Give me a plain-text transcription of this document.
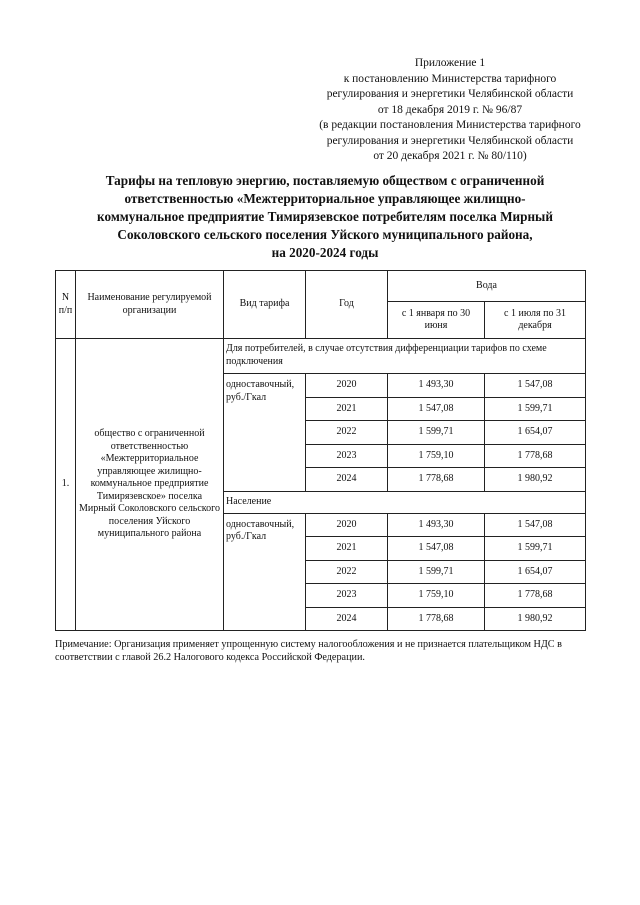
Приложение 1
к постановлению Министерства тарифного
регулирования и энергетики Челябинской области
от 18 декабря 2019 г. № 96/87
(в редакции постановления Министерства тарифного
регулирования и энергетики Челябинской области
от 20 декабря 2021 г. № 80/110)
Тарифы на тепловую энергию, поставляемую обществом с ограниченной
ответственностью «Межтерриториальное управляющее жилищно-
коммунальное предприятие Тимирязевское потребителям поселка Мирный
Соколовского сельского поселения Уйского муниципального района,
на 2020-2024 годы
N п/п	Наименование регулируемой организации	Вид тарифа	Год	Вода	
				с 1 января по 30 июня	с 1 июля по 31 декабря
1.	общество с ограниченной ответственностью «Межтерриториальное управляющее жилищно-коммунальное предприятие Тимирязевское» поселка Мирный Соколовского сельского поселения Уйского муниципального района	Для потребителей, в случае отсутствия дифференциации тарифов по схеме подключения			
		одноставочный, руб./Гкал	2020	1 493,30	1 547,08
			2021	1 547,08	1 599,71
			2022	1 599,71	1 654,07
			2023	1 759,10	1 778,68
			2024	1 778,68	1 980,92
		Население			
		одноставочный, руб./Гкал	2020	1 493,30	1 547,08
			2021	1 547,08	1 599,71
			2022	1 599,71	1 654,07
			2023	1 759,10	1 778,68
			2024	1 778,68	1 980,92
Примечание: Организация применяет упрощенную систему налогообложения и не признается плательщиком НДС в соответствии с главой 26.2 Налогового кодекса Российской Федерации.
